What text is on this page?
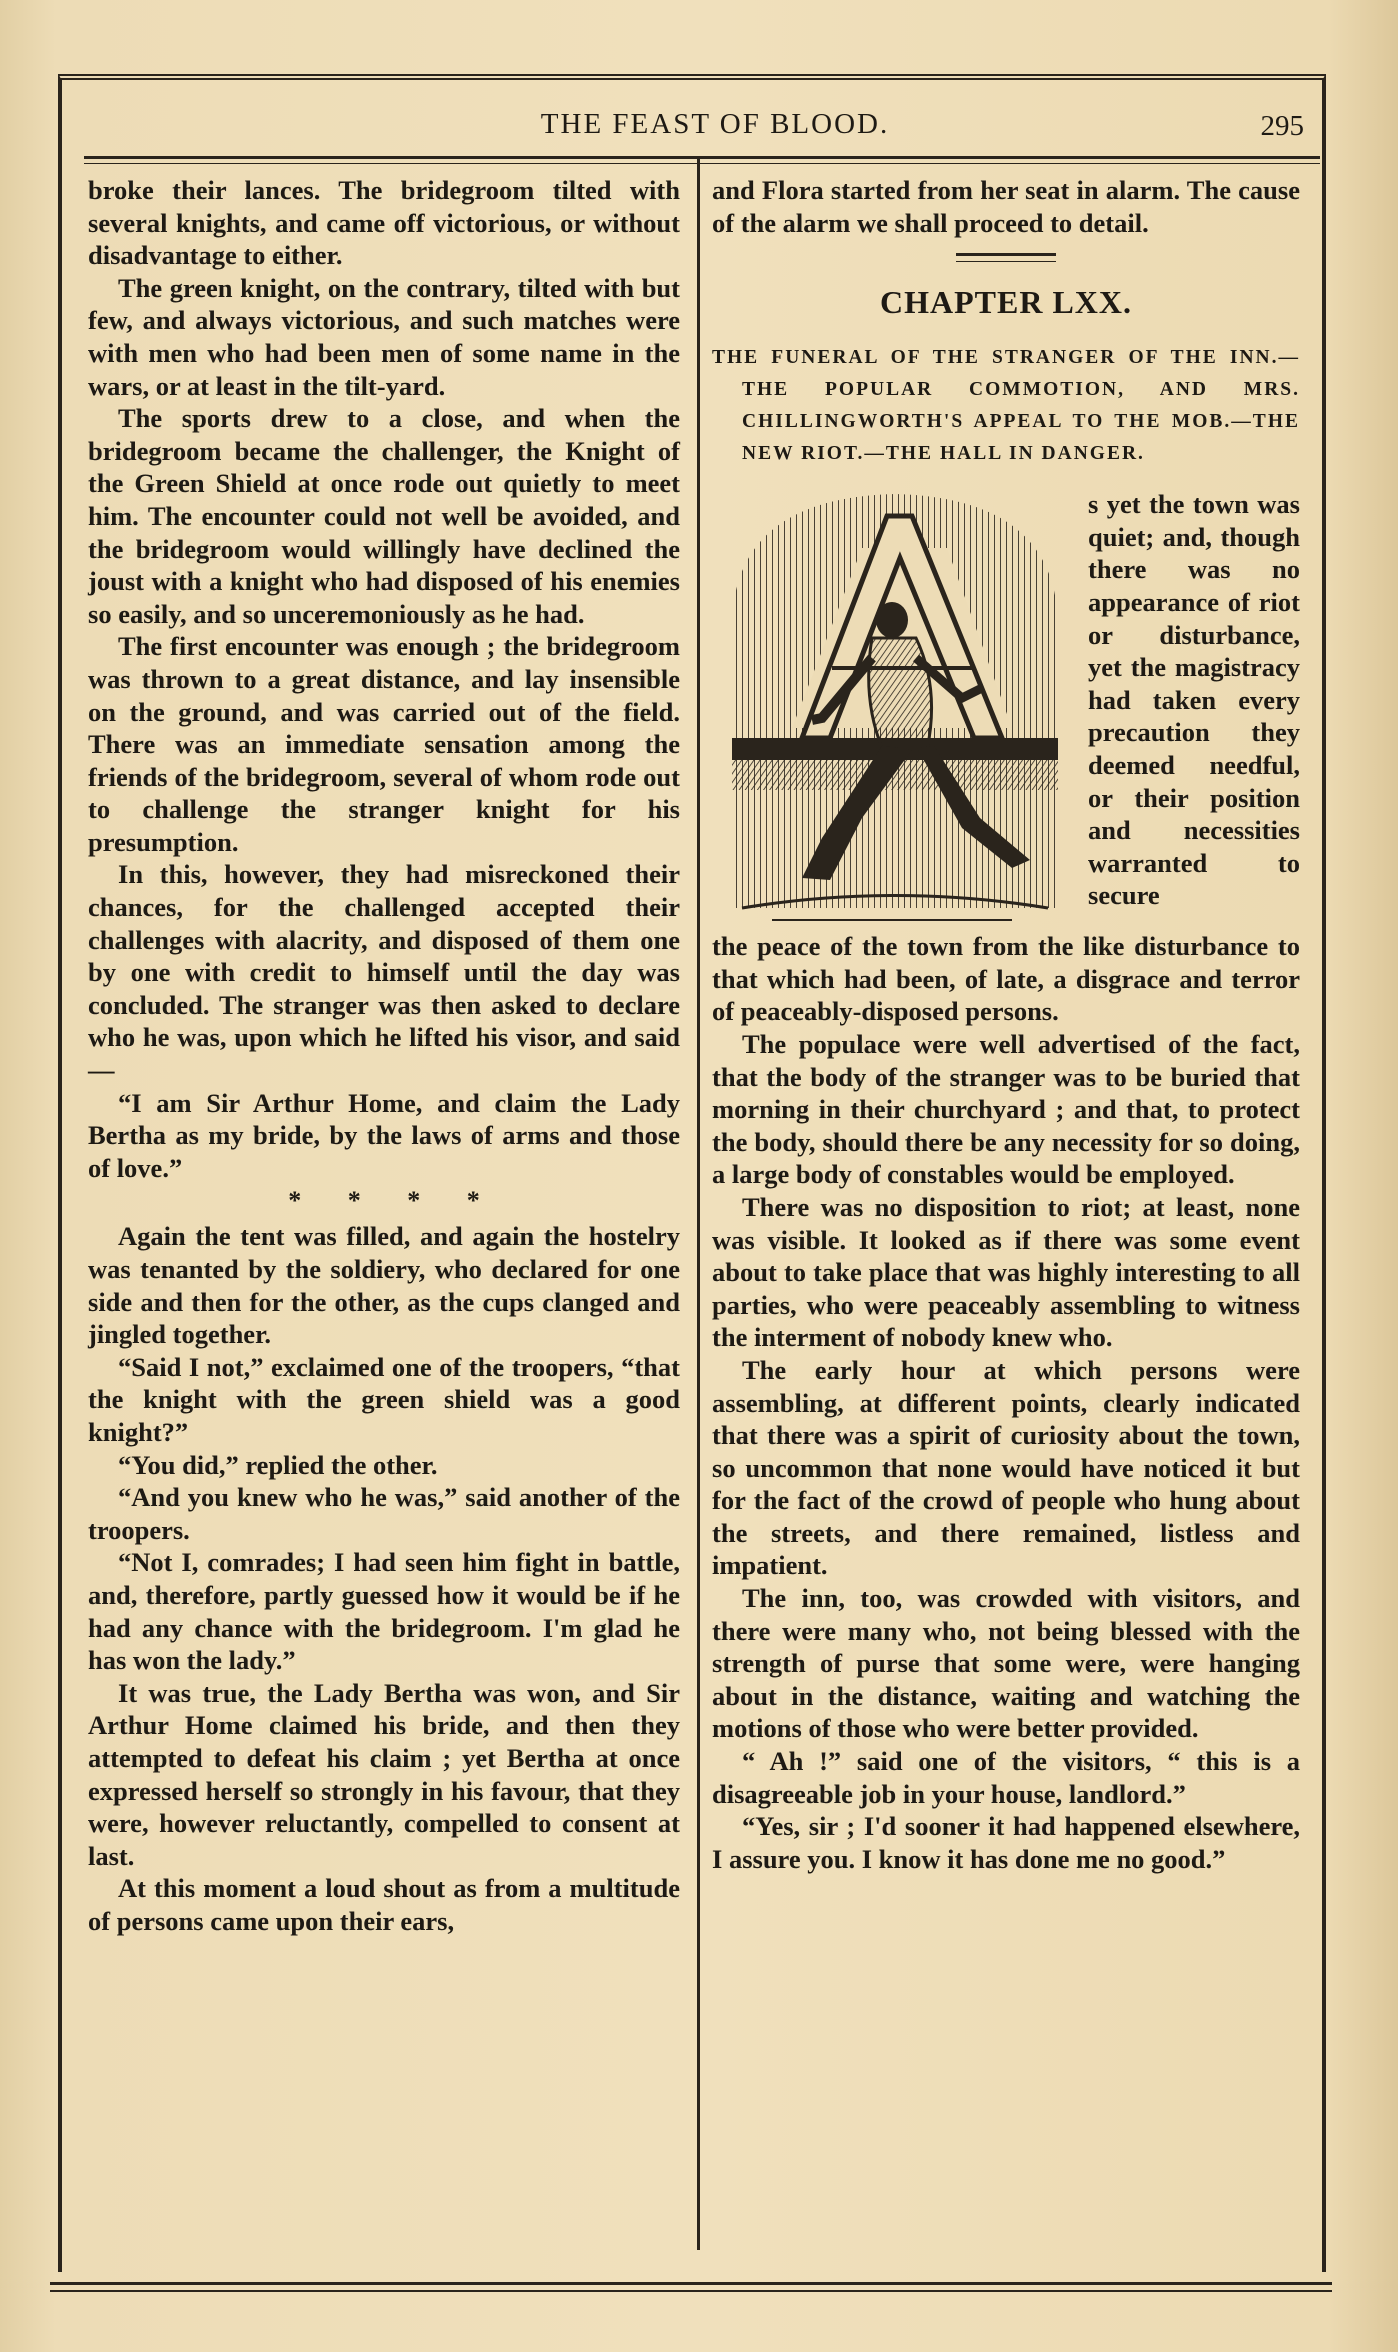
THE FEAST OF BLOOD.	295

broke their lances. The bridegroom tilted with several knights, and came off victorious, or without disadvantage to either.

The green knight, on the contrary, tilted with but few, and always victorious, and such matches were with men who had been men of some name in the wars, or at least in the tilt-yard.

The sports drew to a close, and when the bridegroom became the challenger, the Knight of the Green Shield at once rode out quietly to meet him. The encounter could not well be avoided, and the bridegroom would willingly have declined the joust with a knight who had disposed of his enemies so easily, and so unceremoniously as he had.

The first encounter was enough ; the bridegroom was thrown to a great distance, and lay insensible on the ground, and was carried out of the field. There was an immediate sensation among the friends of the bridegroom, several of whom rode out to challenge the stranger knight for his presumption.

In this, however, they had misreckoned their chances, for the challenged accepted their challenges with alacrity, and disposed of them one by one with credit to himself until the day was concluded. The stranger was then asked to declare who he was, upon which he lifted his visor, and said—

“I am Sir Arthur Home, and claim the Lady Bertha as my bride, by the laws of arms and those of love.”

* * * *

Again the tent was filled, and again the hostelry was tenanted by the soldiery, who declared for one side and then for the other, as the cups clanged and jingled together.

“Said I not,” exclaimed one of the troopers, “that the knight with the green shield was a good knight?”

“You did,” replied the other.

“And you knew who he was,” said another of the troopers.

“Not I, comrades; I had seen him fight in battle, and, therefore, partly guessed how it would be if he had any chance with the bridegroom. I'm glad he has won the lady.”

It was true, the Lady Bertha was won, and Sir Arthur Home claimed his bride, and then they attempted to defeat his claim ; yet Bertha at once expressed herself so strongly in his favour, that they were, however reluctantly, compelled to consent at last.

At this moment a loud shout as from a multitude of persons came upon their ears,

and Flora started from her seat in alarm. The cause of the alarm we shall proceed to detail.

CHAPTER LXX.

THE FUNERAL OF THE STRANGER OF THE INN.—THE POPULAR COMMOTION, AND MRS. CHILLINGWORTH'S APPEAL TO THE MOB.—THE NEW RIOT.—THE HALL IN DANGER.

s yet the town was quiet; and, though there was no appearance of riot or disturbance, yet the magistracy had taken every precaution they deemed needful, or their position and necessities warranted to secure

the peace of the town from the like disturbance to that which had been, of late, a disgrace and terror of peaceably-disposed persons.

The populace were well advertised of the fact, that the body of the stranger was to be buried that morning in their churchyard ; and that, to protect the body, should there be any necessity for so doing, a large body of constables would be employed.

There was no disposition to riot; at least, none was visible. It looked as if there was some event about to take place that was highly interesting to all parties, who were peaceably assembling to witness the interment of nobody knew who.

The early hour at which persons were assembling, at different points, clearly indicated that there was a spirit of curiosity about the town, so uncommon that none would have noticed it but for the fact of the crowd of people who hung about the streets, and there remained, listless and impatient.

The inn, too, was crowded with visitors, and there were many who, not being blessed with the strength of purse that some were, were hanging about in the distance, waiting and watching the motions of those who were better provided.

“ Ah !” said one of the visitors, “ this is a disagreeable job in your house, landlord.”

“Yes, sir ; I'd sooner it had happened elsewhere, I assure you. I know it has done me no good.”
